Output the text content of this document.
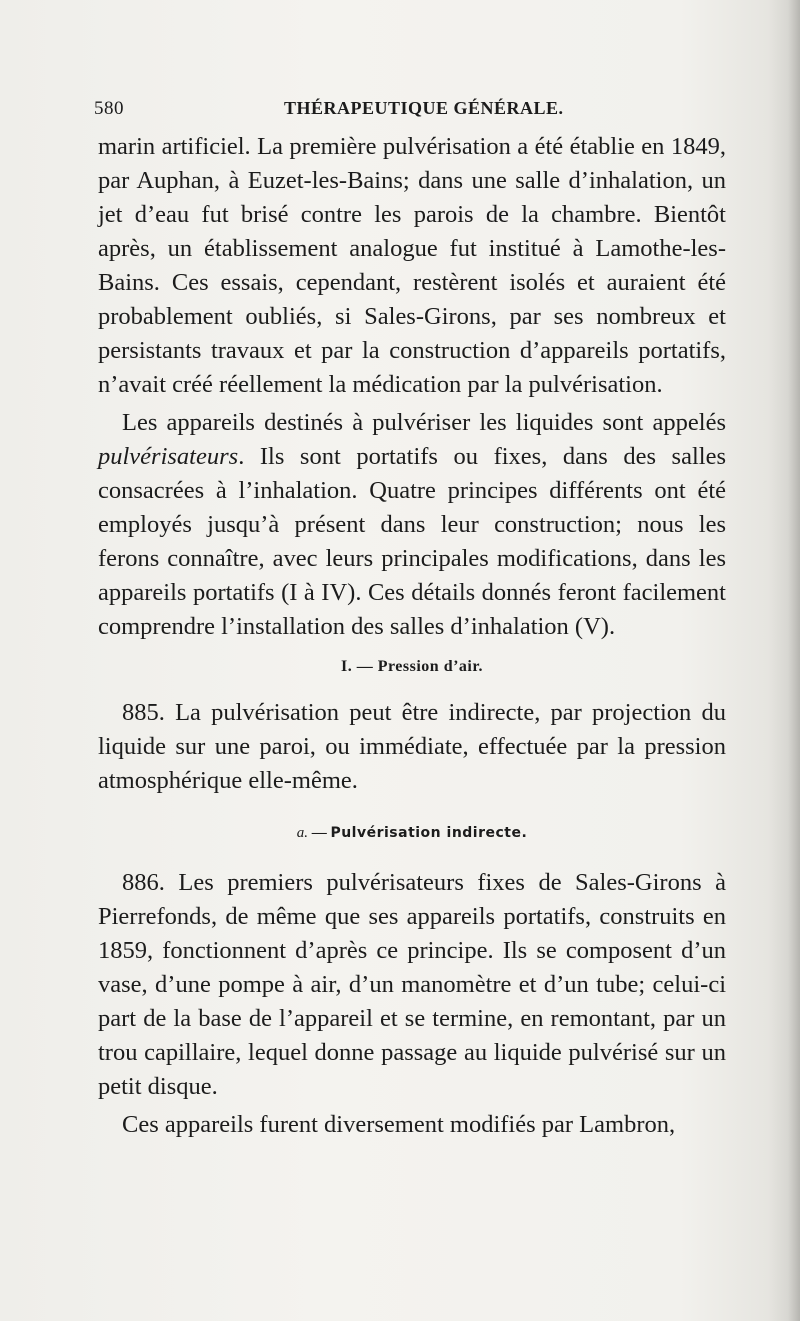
580	THÉRAPEUTIQUE GÉNÉRALE.

marin artificiel. La première pulvérisation a été établie en 1849, par Auphan, à Euzet-les-Bains; dans une salle d’inhalation, un jet d’eau fut brisé contre les parois de la chambre. Bientôt après, un établissement analogue fut institué à Lamothe-les-Bains. Ces essais, cependant, restèrent isolés et auraient été probablement oubliés, si Sales-Girons, par ses nombreux et persistants travaux et par la construction d’appareils portatifs, n’avait créé réellement la médication par la pulvérisation.

Les appareils destinés à pulvériser les liquides sont appelés pulvérisateurs. Ils sont portatifs ou fixes, dans des salles consacrées à l’inhalation. Quatre principes différents ont été employés jusqu’à présent dans leur construction; nous les ferons connaître, avec leurs principales modifications, dans les appareils portatifs (I à IV). Ces détails donnés feront facilement comprendre l’installation des salles d’inhalation (V).

I. — Pression d’air.

885. La pulvérisation peut être indirecte, par projection du liquide sur une paroi, ou immédiate, effectuée par la pression atmosphérique elle-même.

a. — Pulvérisation indirecte.

886. Les premiers pulvérisateurs fixes de Sales-Girons à Pierrefonds, de même que ses appareils portatifs, construits en 1859, fonctionnent d’après ce principe. Ils se composent d’un vase, d’une pompe à air, d’un manomètre et d’un tube; celui-ci part de la base de l’appareil et se termine, en remontant, par un trou capillaire, lequel donne passage au liquide pulvérisé sur un petit disque.

Ces appareils furent diversement modifiés par Lambron,
